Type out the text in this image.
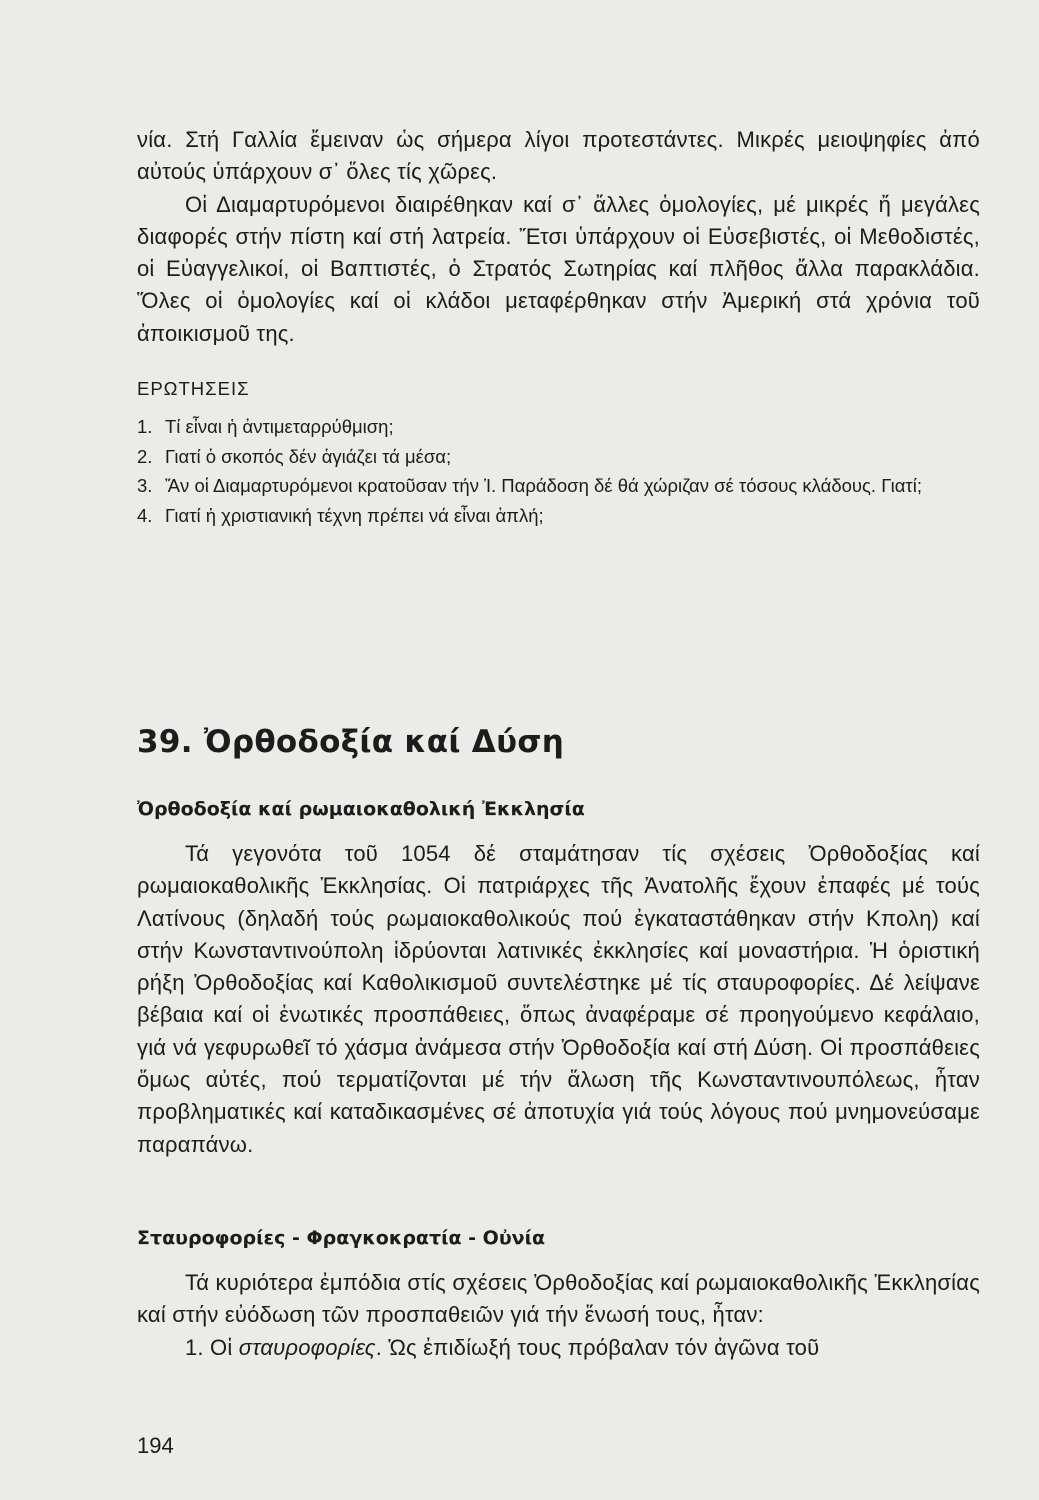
νία. Στή Γαλλία ἔμειναν ὡς σήμερα λίγοι προτεστάντες. Μικρές μειοψηφίες ἀπό αὐτούς ὑπάρχουν σ᾽ ὅλες τίς χῶρες.

Οἱ Διαμαρτυρόμενοι διαιρέθηκαν καί σ᾽ ἄλλες ὁμολογίες, μέ μικρές ἤ μεγάλες διαφορές στήν πίστη καί στή λατρεία. Ἔτσι ὑπάρχουν οἱ Εὐσεβιστές, οἱ Μεθοδιστές, οἱ Εὐαγγελικοί, οἱ Βαπτιστές, ὁ Στρατός Σωτηρίας καί πλῆθος ἄλλα παρακλάδια. Ὅλες οἱ ὁμολογίες καί οἱ κλάδοι μεταφέρθηκαν στήν Ἀμερική στά χρόνια τοῦ ἀποικισμοῦ της.

ΕΡΩΤΗΣΕΙΣ

1. Τί εἶναι ἡ ἀντιμεταρρύθμιση;
2. Γιατί ὁ σκοπός δέν ἁγιάζει τά μέσα;
3. Ἄν οἱ Διαμαρτυρόμενοι κρατοῦσαν τήν Ἱ. Παράδοση δέ θά χώριζαν σέ τόσους κλάδους. Γιατί;
4. Γιατί ἡ χριστιανική τέχνη πρέπει νά εἶναι ἁπλή;
39. Ὀρθοδοξία καί Δύση
Ὀρθοδοξία καί ρωμαιοκαθολική Ἐκκλησία

Τά γεγονότα τοῦ 1054 δέ σταμάτησαν τίς σχέσεις Ὀρθοδοξίας καί ρωμαιοκαθολικῆς Ἐκκλησίας. Οἱ πατριάρχες τῆς Ἀνατολῆς ἔχουν ἐπαφές μέ τούς Λατίνους (δηλαδή τούς ρωμαιοκαθολικούς πού ἐγκαταστάθηκαν στήν Κπολη) καί στήν Κωνσταντινούπολη ἱδρύονται λατινικές ἐκκλησίες καί μοναστήρια. Ἡ ὁριστική ρήξη Ὀρθοδοξίας καί Καθολικισμοῦ συντελέστηκε μέ τίς σταυροφορίες. Δέ λείψανε βέβαια καί οἱ ἑνωτικές προσπάθειες, ὅπως ἀναφέραμε σέ προηγούμενο κεφάλαιο, γιά νά γεφυρωθεῖ τό χάσμα ἀνάμεσα στήν Ὀρθοδοξία καί στή Δύση. Οἱ προσπάθειες ὅμως αὐτές, πού τερματίζονται μέ τήν ἅλωση τῆς Κωνσταντινουπόλεως, ἦταν προβληματικές καί καταδικασμένες σέ ἀποτυχία γιά τούς λόγους πού μνημονεύσαμε παραπάνω.

Σταυροφορίες - Φραγκοκρατία - Οὐνία

Τά κυριότερα ἐμπόδια στίς σχέσεις Ὀρθοδοξίας καί ρωμαιοκαθολικῆς Ἐκκλησίας καί στήν εὐόδωση τῶν προσπαθειῶν γιά τήν ἕνωσή τους, ἦταν:

1. Οἱ σταυροφορίες. Ὡς ἐπιδίωξή τους πρόβαλαν τόν ἀγῶνα τοῦ

194
